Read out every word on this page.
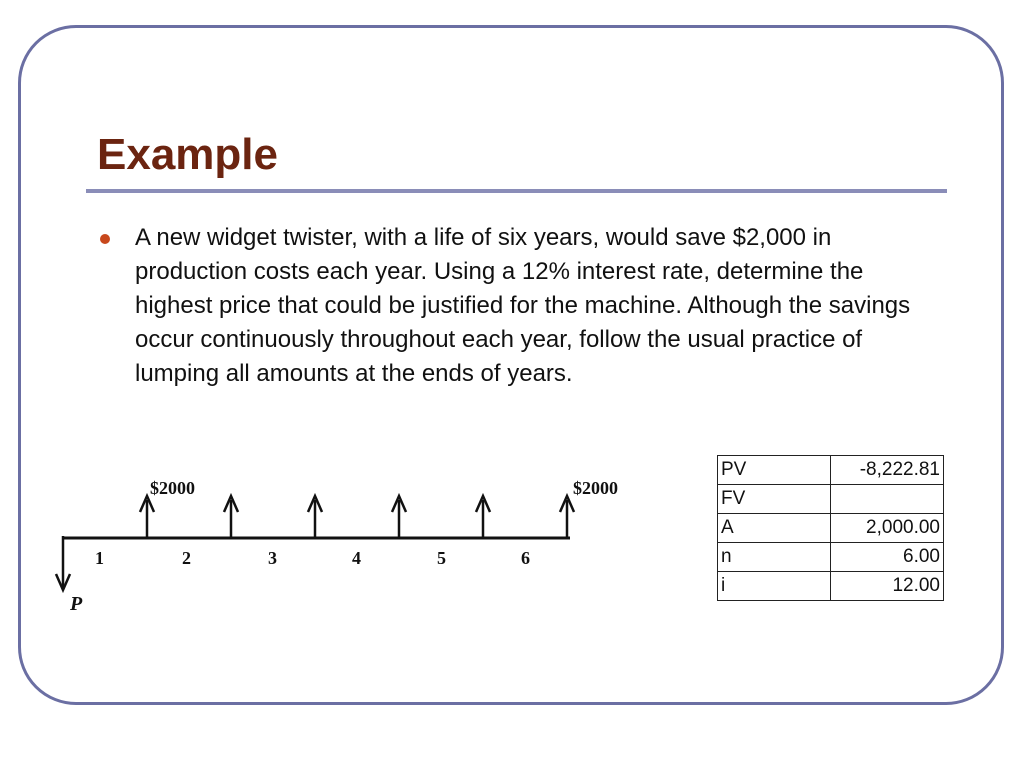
Example

A new widget twister, with a life of six years, would save $2,000 in production costs each year. Using a 12% interest rate, determine the highest price that could be justified for the machine. Although the savings occur continuously throughout each year, follow the usual practice of lumping all amounts at the ends of years.

P
$2000	$2000
1	2	3	4	5	6
PV	-8,222.81
FV	
A	2,000.00
n	6.00
i	12.00
